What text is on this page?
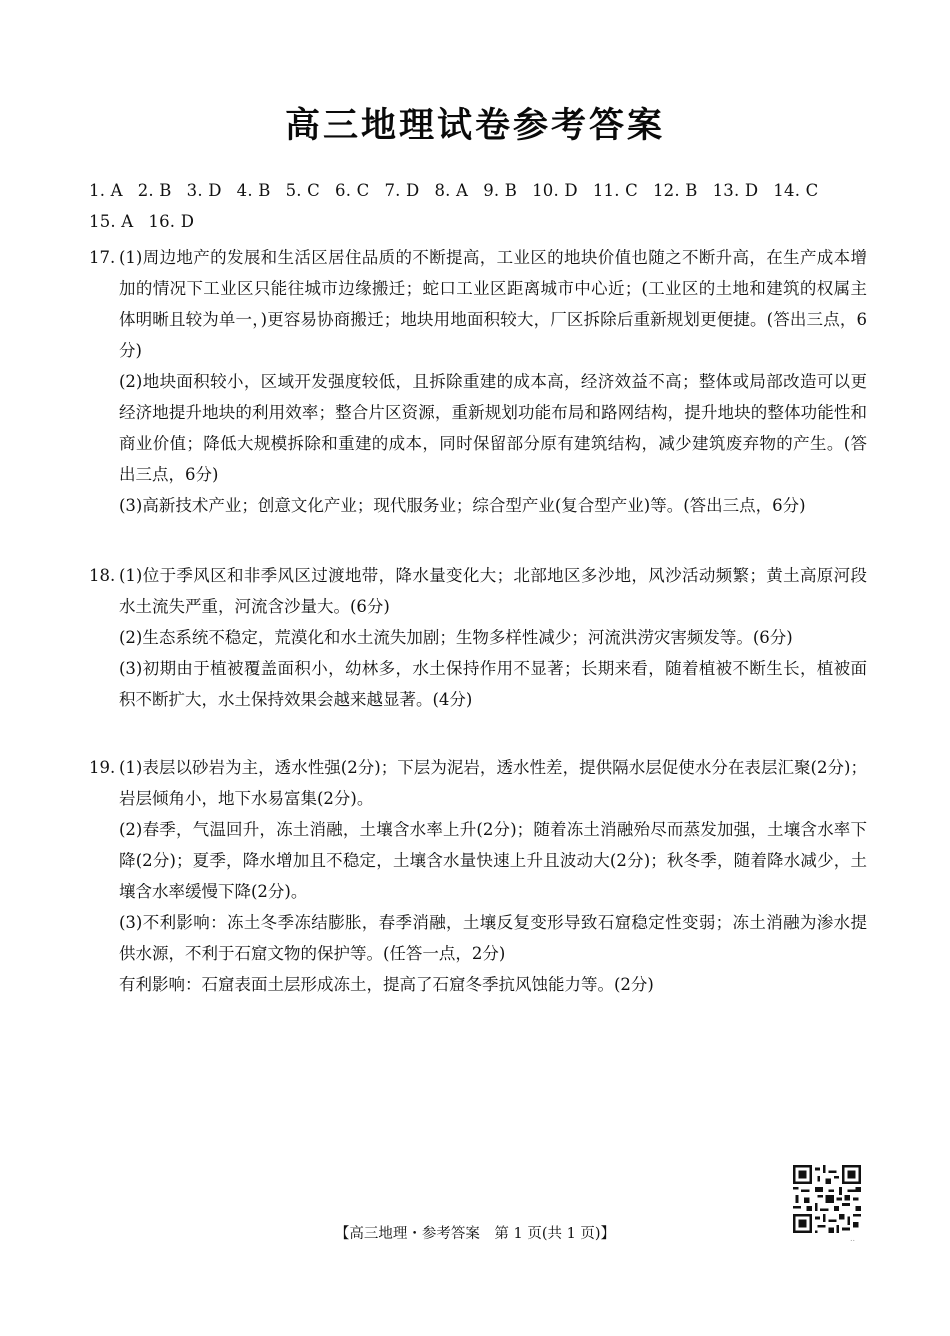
高三地理试卷参考答案
1. A 2. B 3. D 4. B 5. C 6. C 7. D 8. A 9. B 10. D 11. C 12. B 13. D 14. C
15. A 16. D
17. (1)周边地产的发展和生活区居住品质的不断提高，工业区的地块价值也随之不断升高，在生产成本增加的情况下工业区只能往城市边缘搬迁；蛇口工业区距离城市中心近；(工业区的土地和建筑的权属主体明晰且较为单一，)更容易协商搬迁；地块用地面积较大，厂区拆除后重新规划更便捷。(答出三点，6分)
(2)地块面积较小，区域开发强度较低，且拆除重建的成本高，经济效益不高；整体或局部改造可以更经济地提升地块的利用效率；整合片区资源，重新规划功能布局和路网结构，提升地块的整体功能性和商业价值；降低大规模拆除和重建的成本，同时保留部分原有建筑结构，减少建筑废弃物的产生。(答出三点，6分)
(3)高新技术产业；创意文化产业；现代服务业；综合型产业(复合型产业)等。(答出三点，6分)
18. (1)位于季风区和非季风区过渡地带，降水量变化大；北部地区多沙地，风沙活动频繁；黄土高原河段水土流失严重，河流含沙量大。(6分)
(2)生态系统不稳定，荒漠化和水土流失加剧；生物多样性减少；河流洪涝灾害频发等。(6分)
(3)初期由于植被覆盖面积小，幼林多，水土保持作用不显著；长期来看，随着植被不断生长，植被面积不断扩大，水土保持效果会越来越显著。(4分)
19. (1)表层以砂岩为主，透水性强(2分)；下层为泥岩，透水性差，提供隔水层促使水分在表层汇聚(2分)；岩层倾角小，地下水易富集(2分)。
(2)春季，气温回升，冻土消融，土壤含水率上升(2分)；随着冻土消融殆尽而蒸发加强，土壤含水率下降(2分)；夏季，降水增加且不稳定，土壤含水量快速上升且波动大(2分)；秋冬季，随着降水减少，土壤含水率缓慢下降(2分)。
(3)不利影响：冻土冬季冻结膨胀，春季消融，土壤反复变形导致石窟稳定性变弱；冻土消融为渗水提供水源，不利于石窟文物的保护等。(任答一点，2分)
有利影响：石窟表面土层形成冻土，提高了石窟冬季抗风蚀能力等。(2分)
【高三地理・参考答案　第 1 页(共 1 页)】	..
